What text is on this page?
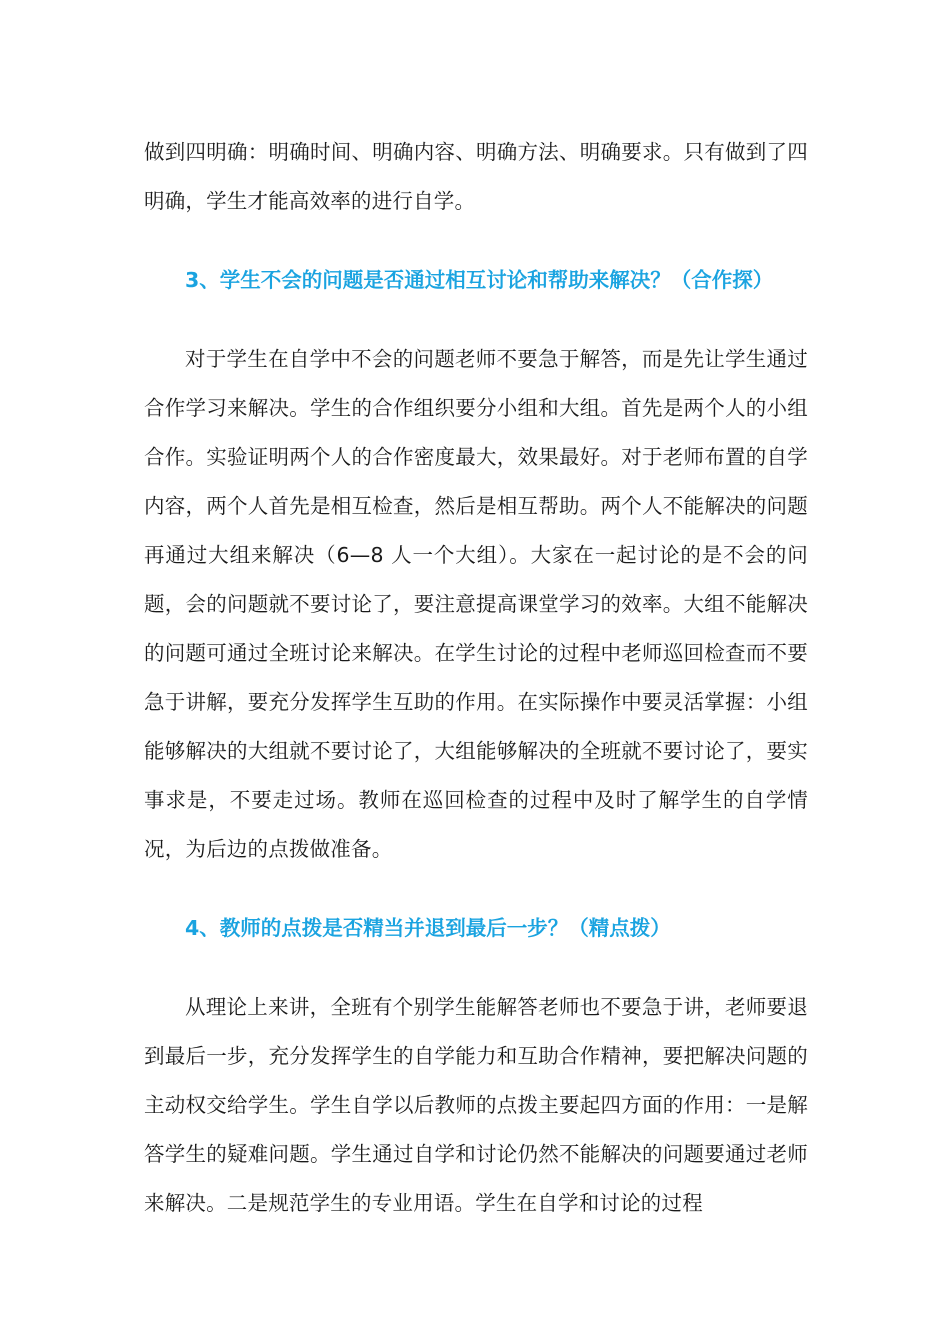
做到四明确：明确时间、明确内容、明确方法、明确要求。只有做到了四明确，学生才能高效率的进行自学。

3、学生不会的问题是否通过相互讨论和帮助来解决？（合作探）

对于学生在自学中不会的问题老师不要急于解答，而是先让学生通过合作学习来解决。学生的合作组织要分小组和大组。首先是两个人的小组合作。实验证明两个人的合作密度最大，效果最好。对于老师布置的自学内容，两个人首先是相互检查，然后是相互帮助。两个人不能解决的问题再通过大组来解决（6—8 人一个大组）。大家在一起讨论的是不会的问题，会的问题就不要讨论了，要注意提高课堂学习的效率。大组不能解决的问题可通过全班讨论来解决。在学生讨论的过程中老师巡回检查而不要急于讲解，要充分发挥学生互助的作用。在实际操作中要灵活掌握：小组能够解决的大组就不要讨论了，大组能够解决的全班就不要讨论了，要实事求是，不要走过场。教师在巡回检查的过程中及时了解学生的自学情况，为后边的点拨做准备。

4、教师的点拨是否精当并退到最后一步？（精点拨）

从理论上来讲，全班有个别学生能解答老师也不要急于讲，老师要退到最后一步，充分发挥学生的自学能力和互助合作精神，要把解决问题的主动权交给学生。学生自学以后教师的点拨主要起四方面的作用：一是解答学生的疑难问题。学生通过自学和讨论仍然不能解决的问题要通过老师来解决。二是规范学生的专业用语。学生在自学和讨论的过程
